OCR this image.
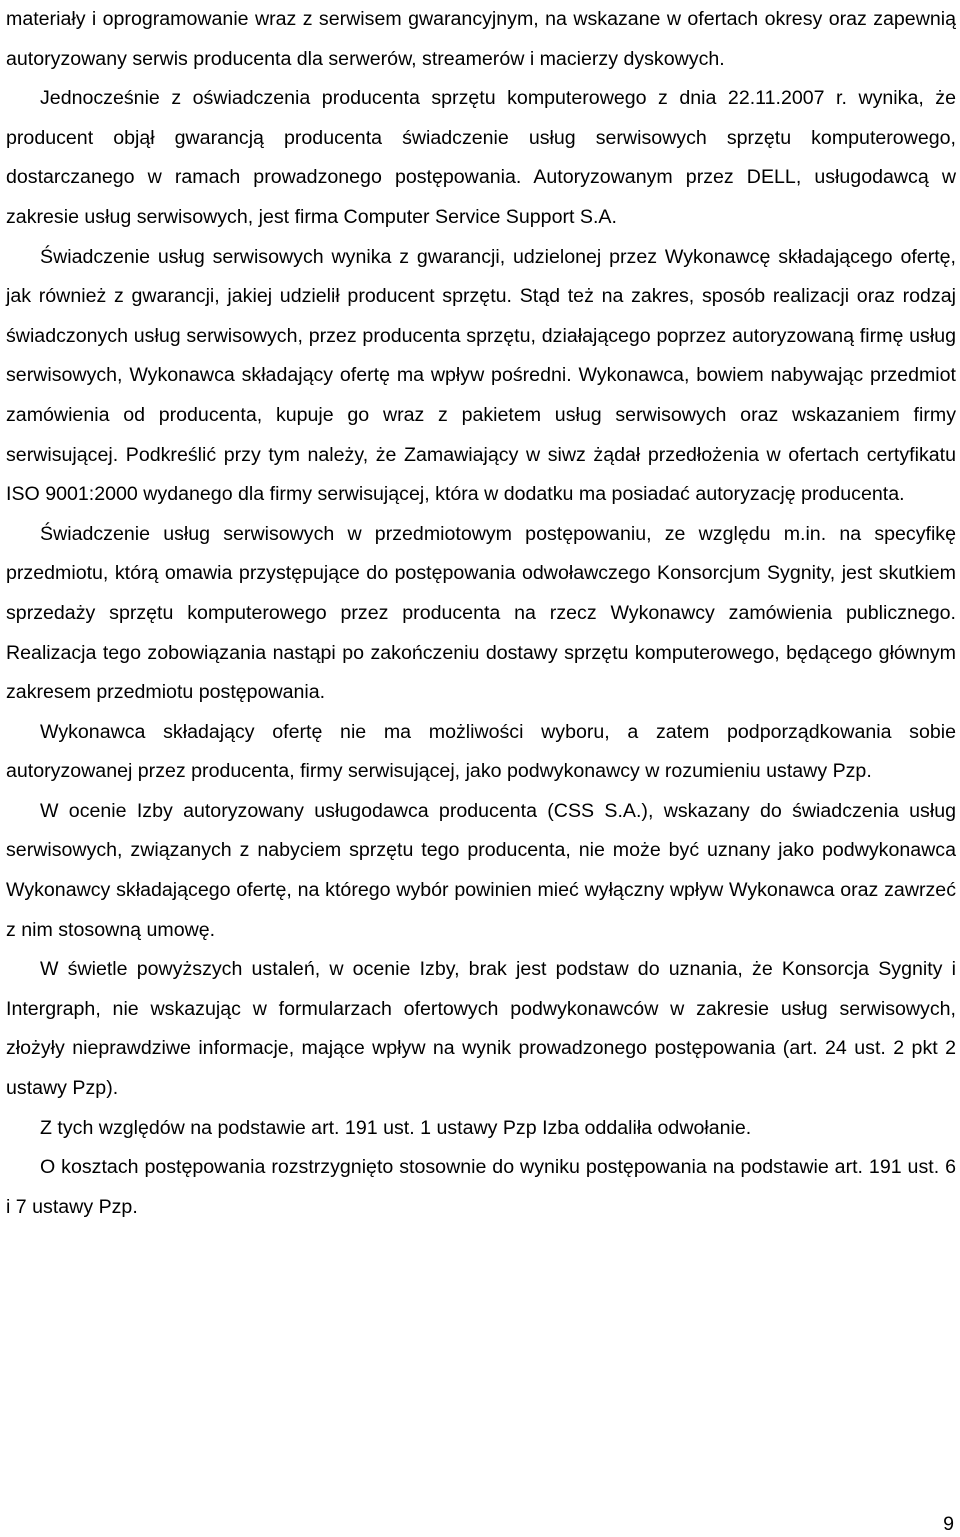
materiały i oprogramowanie wraz z serwisem gwarancyjnym, na wskazane w ofertach okresy oraz zapewnią autoryzowany serwis producenta dla serwerów, streamerów i macierzy dyskowych.

Jednocześnie z oświadczenia producenta sprzętu komputerowego z dnia 22.11.2007 r. wynika, że producent objął gwarancją producenta świadczenie usług serwisowych sprzętu komputerowego, dostarczanego w ramach prowadzonego postępowania. Autoryzowanym przez DELL, usługodawcą w zakresie usług serwisowych, jest firma Computer Service Support S.A.

Świadczenie usług serwisowych wynika z gwarancji, udzielonej przez Wykonawcę składającego ofertę, jak również z gwarancji, jakiej udzielił producent sprzętu. Stąd też na zakres, sposób realizacji oraz rodzaj świadczonych usług serwisowych, przez producenta sprzętu, działającego poprzez autoryzowaną firmę usług serwisowych, Wykonawca składający ofertę ma wpływ pośredni. Wykonawca, bowiem nabywając przedmiot zamówienia od producenta, kupuje go wraz z pakietem usług serwisowych oraz wskazaniem firmy serwisującej. Podkreślić przy tym należy, że Zamawiający w siwz żądał przedłożenia w ofertach certyfikatu ISO 9001:2000 wydanego dla firmy serwisującej, która w dodatku ma posiadać autoryzację producenta.

Świadczenie usług serwisowych w przedmiotowym postępowaniu, ze względu m.in. na specyfikę przedmiotu, którą omawia przystępujące do postępowania odwoławczego Konsorcjum Sygnity, jest skutkiem sprzedaży sprzętu komputerowego przez producenta na rzecz Wykonawcy zamówienia publicznego. Realizacja tego zobowiązania nastąpi po zakończeniu dostawy sprzętu komputerowego, będącego głównym zakresem przedmiotu postępowania.

Wykonawca składający ofertę nie ma możliwości wyboru, a zatem podporządkowania sobie autoryzowanej przez producenta, firmy serwisującej, jako podwykonawcy w rozumieniu ustawy Pzp.

W ocenie Izby autoryzowany usługodawca producenta (CSS S.A.), wskazany do świadczenia usług serwisowych, związanych z nabyciem sprzętu tego producenta, nie może być uznany jako podwykonawca Wykonawcy składającego ofertę, na którego wybór powinien mieć wyłączny wpływ Wykonawca oraz zawrzeć z nim stosowną umowę.

W świetle powyższych ustaleń, w ocenie Izby, brak jest podstaw do uznania, że Konsorcja Sygnity i Intergraph, nie wskazując w formularzach ofertowych podwykonawców w zakresie usług serwisowych, złożyły nieprawdziwe informacje, mające wpływ na wynik prowadzonego postępowania (art. 24 ust. 2 pkt 2 ustawy Pzp).

Z tych względów na podstawie art. 191 ust. 1 ustawy Pzp Izba oddaliła odwołanie.

O kosztach postępowania rozstrzygnięto stosownie do wyniku postępowania na podstawie art. 191 ust. 6 i 7 ustawy Pzp.

9
